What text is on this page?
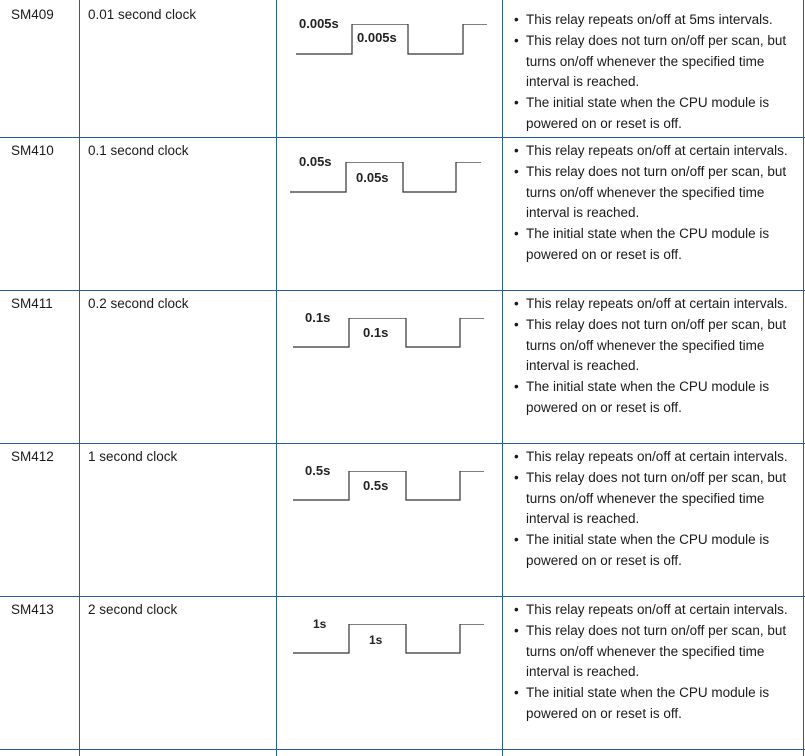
SM409	0.01 second clock
0.005s
0.005s
• This relay repeats on/off at 5ms intervals.
• This relay does not turn on/off per scan, but turns on/off whenever the specified time interval is reached.
• The initial state when the CPU module is powered on or reset is off.
SM410	0.1 second clock
0.05s
0.05s
• This relay repeats on/off at certain intervals.
• This relay does not turn on/off per scan, but turns on/off whenever the specified time interval is reached.
• The initial state when the CPU module is powered on or reset is off.
SM411	0.2 second clock
0.1s
0.1s
• This relay repeats on/off at certain intervals.
• This relay does not turn on/off per scan, but turns on/off whenever the specified time interval is reached.
• The initial state when the CPU module is powered on or reset is off.
SM412	1 second clock
0.5s
0.5s
• This relay repeats on/off at certain intervals.
• This relay does not turn on/off per scan, but turns on/off whenever the specified time interval is reached.
• The initial state when the CPU module is powered on or reset is off.
SM413	2 second clock
1s
1s
• This relay repeats on/off at certain intervals.
• This relay does not turn on/off per scan, but turns on/off whenever the specified time interval is reached.
• The initial state when the CPU module is powered on or reset is off.
